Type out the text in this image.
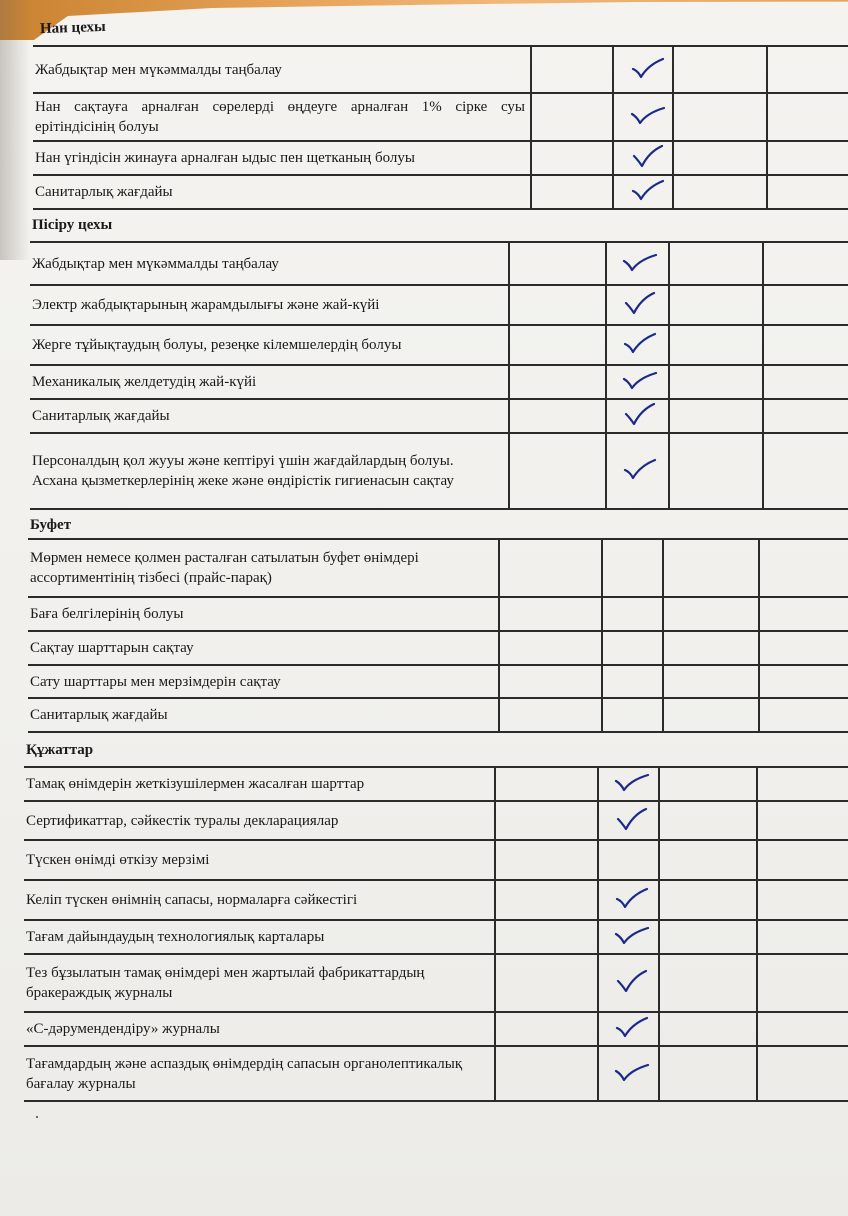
Нан цехы
Пісіру цехы
Буфет
Құжаттар
Жабдықтар мен мүкәммалды таңбалау
Нан сақтауға арналған сөрелерді өңдеуге арналған 1% сірке суы ерітіндісінің болуы
Нан үгіндісін жинауға арналған ыдыс пен щетканың болуы
Санитарлық жағдайы
Жабдықтар мен мүкәммалды таңбалау
Электр жабдықтарының жарамдылығы және жай-күйі
Жерге тұйықтаудың болуы, резеңке кілемшелердің болуы
Механикалық желдетудің жай-күйі
Санитарлық жағдайы
Персоналдың қол жууы және кептіруі үшін жағдайлардың болуы. Асхана қызметкерлерінің жеке және өндірістік гигиенасын сақтау
Мөрмен немесе қолмен расталған сатылатын буфет өнімдері ассортиментінің тізбесі (прайс-парақ)
Баға белгілерінің болуы
Сақтау шарттарын сақтау
Сату шарттары мен мерзімдерін сақтау
Санитарлық жағдайы
Тамақ өнімдерін жеткізушілермен жасалған шарттар
Сертификаттар, сәйкестік туралы декларациялар
Түскен өнімді өткізу мерзімі
Келіп түскен өнімнің сапасы, нормаларға сәйкестігі
Тағам дайындаудың технологиялық карталары
Тез бұзылатын тамақ өнімдері мен жартылай фабрикаттардың бракераждық журналы
«С-дәрумендендіру» журналы
Тағамдардың және аспаздық өнімдердің сапасын органолептикалық бағалау журналы
